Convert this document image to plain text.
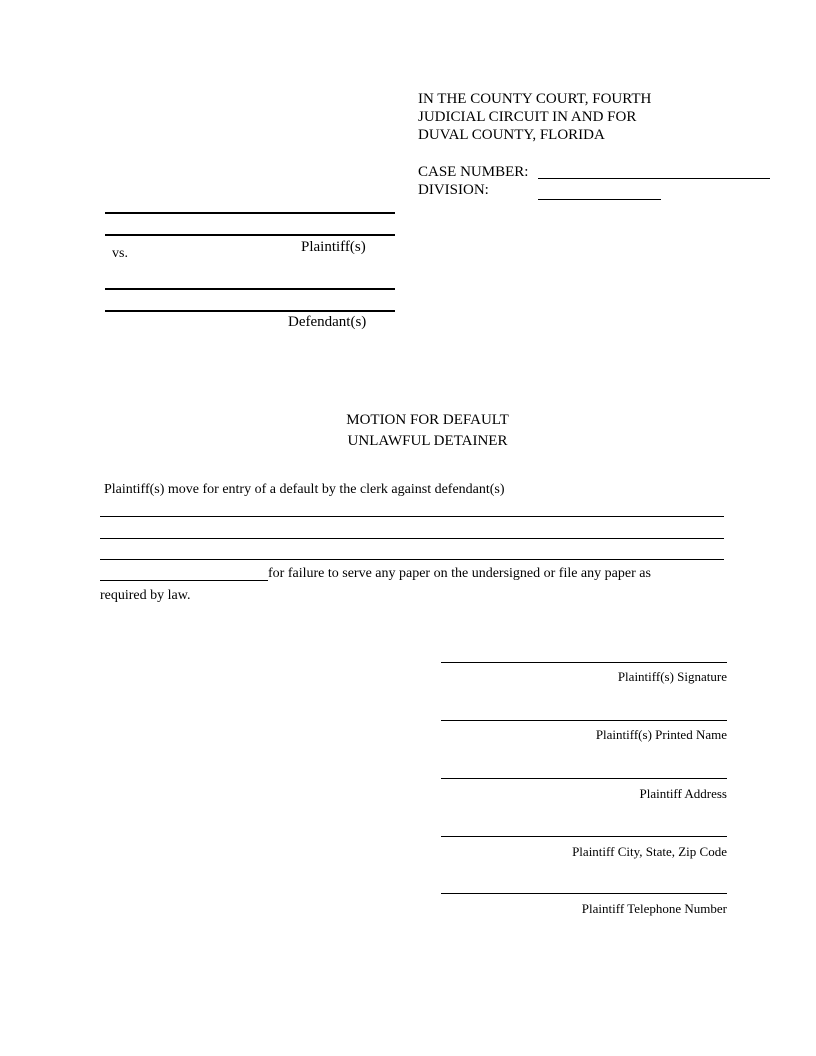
IN THE COUNTY COURT, FOURTH
JUDICIAL CIRCUIT IN AND FOR
DUVAL COUNTY, FLORIDA
CASE NUMBER:
DIVISION:
Plaintiff(s)
vs.
Defendant(s)
MOTION FOR DEFAULT
UNLAWFUL DETAINER
Plaintiff(s) move for entry of a default by the clerk against defendant(s)
for failure to serve any paper on the undersigned or file any paper as
required by law.
Plaintiff(s) Signature
Plaintiff(s) Printed Name
Plaintiff Address
Plaintiff City, State, Zip Code
Plaintiff Telephone Number
